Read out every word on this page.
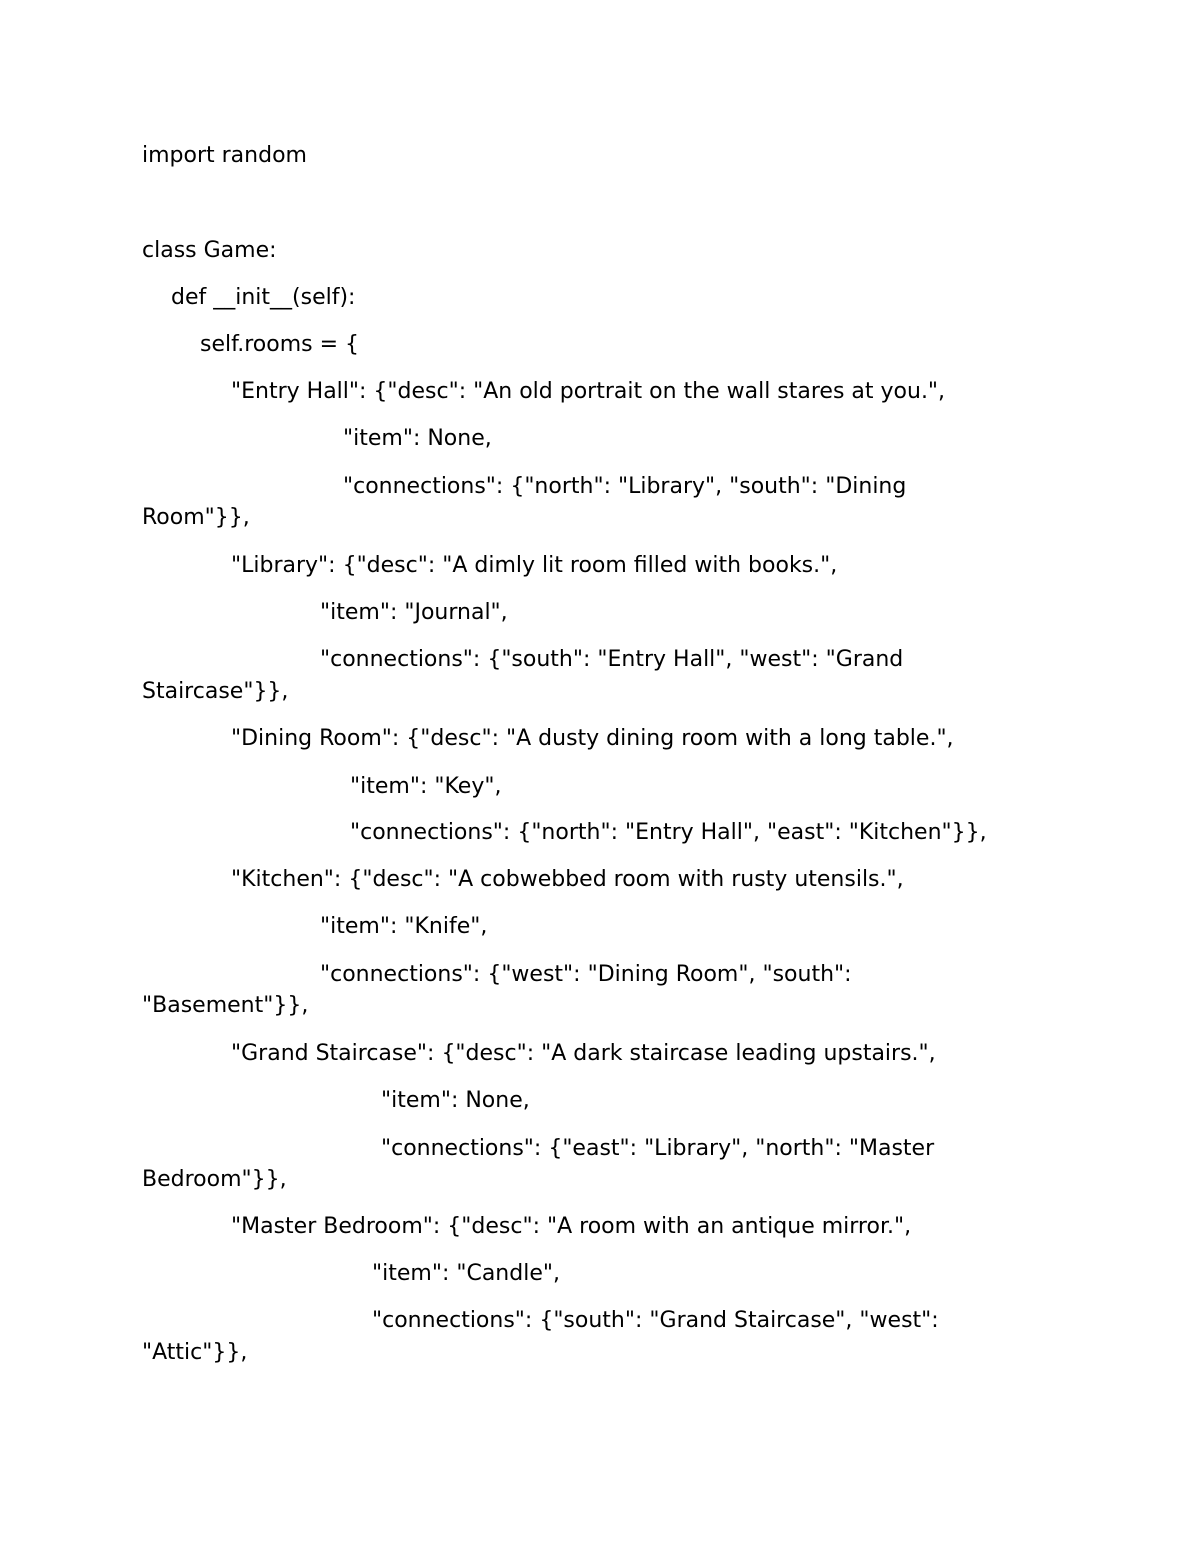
import random
class Game:
def __init__(self):
self.rooms = {
"Entry Hall": {"desc": "An old portrait on the wall stares at you.",
"item": None,
"connections": {"north": "Library", "south": "Dining
Room"}},
"Library": {"desc": "A dimly lit room filled with books.",
"item": "Journal",
"connections": {"south": "Entry Hall", "west": "Grand
Staircase"}},
"Dining Room": {"desc": "A dusty dining room with a long table.",
"item": "Key",
"connections": {"north": "Entry Hall", "east": "Kitchen"}},
"Kitchen": {"desc": "A cobwebbed room with rusty utensils.",
"item": "Knife",
"connections": {"west": "Dining Room", "south":
"Basement"}},
"Grand Staircase": {"desc": "A dark staircase leading upstairs.",
"item": None,
"connections": {"east": "Library", "north": "Master
Bedroom"}},
"Master Bedroom": {"desc": "A room with an antique mirror.",
"item": "Candle",
"connections": {"south": "Grand Staircase", "west":
"Attic"}},
